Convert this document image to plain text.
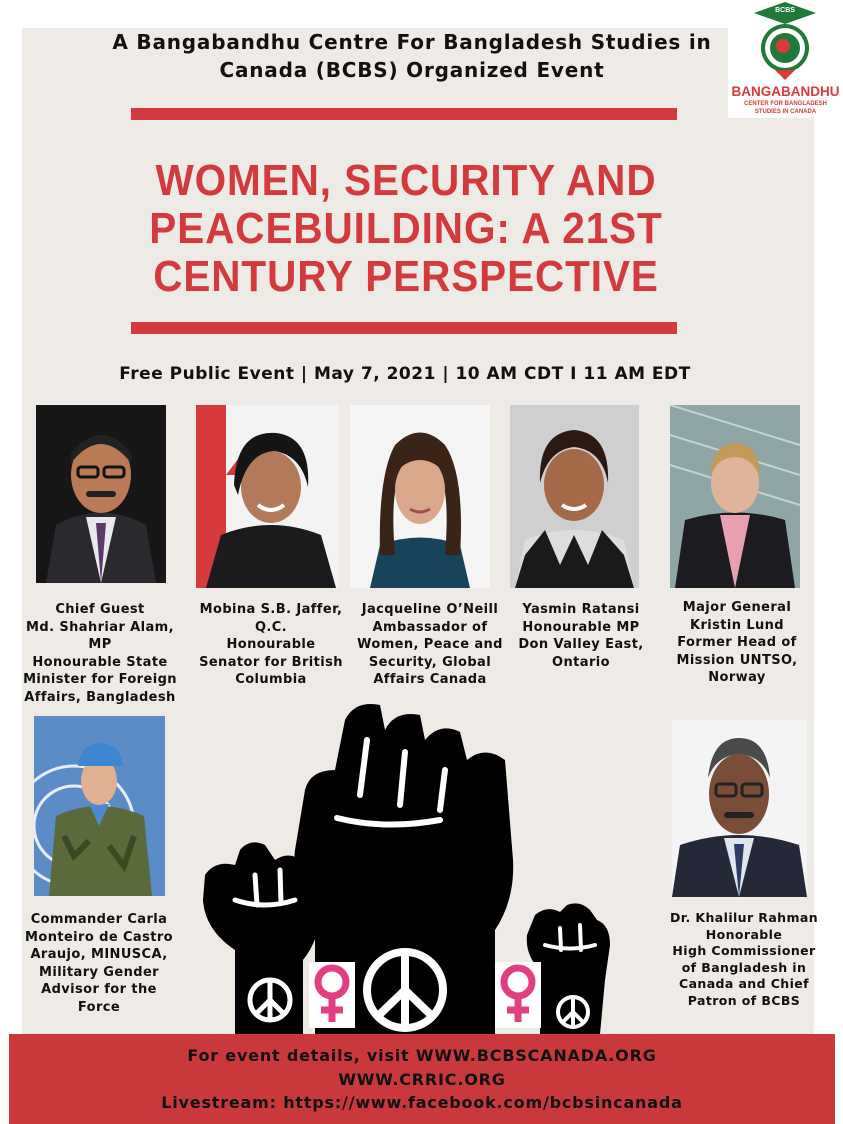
A Bangabandhu Centre For Bangladesh Studies in
Canada (BCBS) Organized Event
BCBS
BANGABANDHU
CENTER FOR BANGLADESH STUDIES IN CANADA
WOMEN, SECURITY AND
PEACEBUILDING: A 21ST
CENTURY PERSPECTIVE
Free Public Event | May 7, 2021 | 10 AM CDT I 11 AM EDT
Chief Guest
Md. Shahriar Alam, MP
Honourable State
Minister for Foreign
Affairs, Bangladesh
Mobina S.B. Jaffer,
Q.C.
Honourable
Senator for British
Columbia
Jacqueline O’Neill
Ambassador of
Women, Peace and
Security, Global
Affairs Canada
Yasmin Ratansi
Honourable MP
Don Valley East,
Ontario
Major General
Kristin Lund
Former Head of
Mission UNTSO,
Norway
Commander Carla
Monteiro de Castro
Araujo, MINUSCA,
Military Gender
Advisor for the
Force
Dr. Khalilur Rahman
Honorable
High Commissioner
of Bangladesh in
Canada and Chief
Patron of BCBS
For event details, visit WWW.BCBSCANADA.ORG
WWW.CRRIC.ORG
Livestream: https://www.facebook.com/bcbsincanada
